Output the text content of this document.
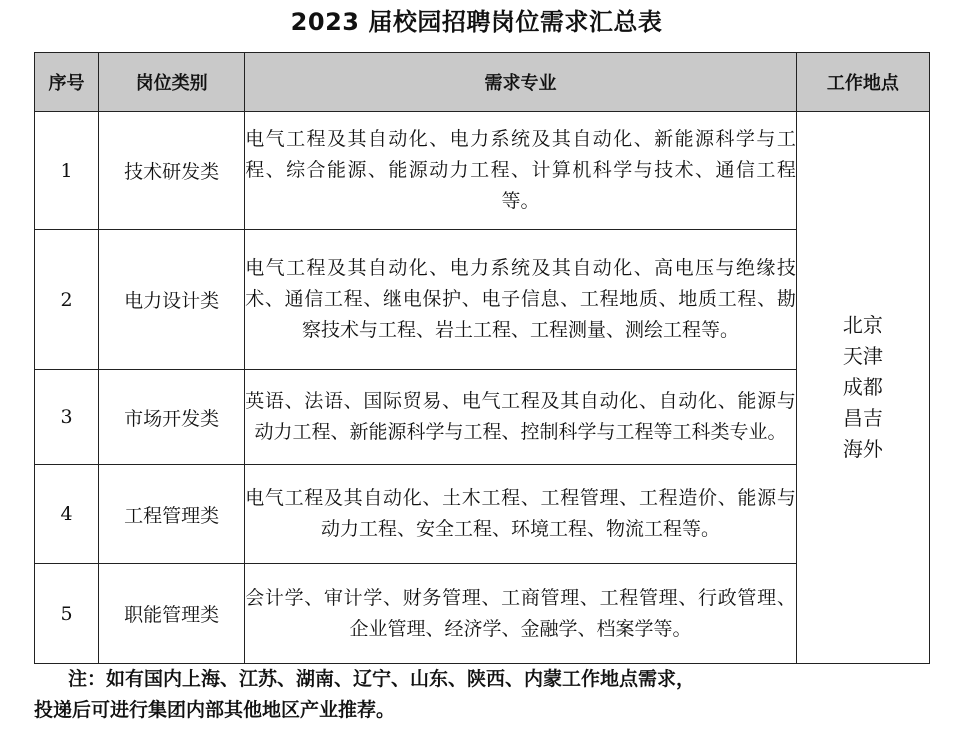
2023 届校园招聘岗位需求汇总表
序号	岗位类别	需求专业	工作地点
1	技术研发类	电气工程及其自动化、电力系统及其自动化、新能源科学与工程、综合能源、能源动力工程、计算机科学与技术、通信工程等。	北京
天津
成都
昌吉
海外

2	电力设计类	电气工程及其自动化、电力系统及其自动化、高电压与绝缘技术、通信工程、继电保护、电子信息、工程地质、地质工程、勘察技术与工程、岩土工程、工程测量、测绘工程等。	
3	市场开发类	英语、法语、国际贸易、电气工程及其自动化、自动化、能源与动力工程、新能源科学与工程、控制科学与工程等工科类专业。	
4	工程管理类	电气工程及其自动化、土木工程、工程管理、工程造价、能源与动力工程、安全工程、环境工程、物流工程等。	
5	职能管理类	会计学、审计学、财务管理、工商管理、工程管理、行政管理、企业管理、经济学、金融学、档案学等。	
注：如有国内上海、江苏、湖南、辽宁、山东、陕西、内蒙工作地点需求，
投递后可进行集团内部其他地区产业推荐。
